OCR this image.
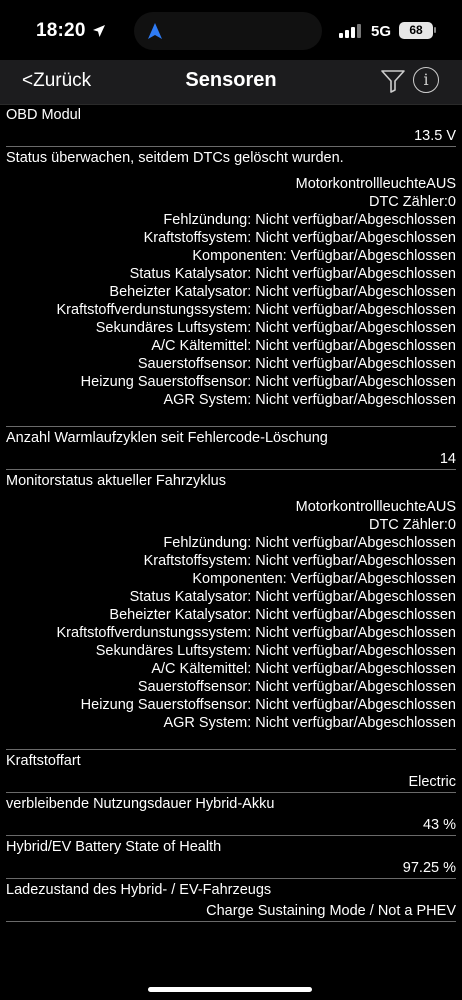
18:20	5G	68
<Zurück	Sensoren	i
OBD Modul
13.5 V
Status überwachen, seitdem DTCs gelöscht wurden.
MotorkontrollleuchteAUS
DTC Zähler:0
Fehlzündung: Nicht verfügbar/Abgeschlossen
Kraftstoffsystem: Nicht verfügbar/Abgeschlossen
Komponenten: Verfügbar/Abgeschlossen
Status Katalysator: Nicht verfügbar/Abgeschlossen
Beheizter Katalysator: Nicht verfügbar/Abgeschlossen
Kraftstoffverdunstungssystem: Nicht verfügbar/Abgeschlossen
Sekundäres Luftsystem: Nicht verfügbar/Abgeschlossen
A/C Kältemittel: Nicht verfügbar/Abgeschlossen
Sauerstoffsensor: Nicht verfügbar/Abgeschlossen
Heizung Sauerstoffsensor: Nicht verfügbar/Abgeschlossen
AGR System: Nicht verfügbar/Abgeschlossen
Anzahl Warmlaufzyklen seit Fehlercode-Löschung
14
Monitorstatus aktueller Fahrzyklus
MotorkontrollleuchteAUS
DTC Zähler:0
Fehlzündung: Nicht verfügbar/Abgeschlossen
Kraftstoffsystem: Nicht verfügbar/Abgeschlossen
Komponenten: Verfügbar/Abgeschlossen
Status Katalysator: Nicht verfügbar/Abgeschlossen
Beheizter Katalysator: Nicht verfügbar/Abgeschlossen
Kraftstoffverdunstungssystem: Nicht verfügbar/Abgeschlossen
Sekundäres Luftsystem: Nicht verfügbar/Abgeschlossen
A/C Kältemittel: Nicht verfügbar/Abgeschlossen
Sauerstoffsensor: Nicht verfügbar/Abgeschlossen
Heizung Sauerstoffsensor: Nicht verfügbar/Abgeschlossen
AGR System: Nicht verfügbar/Abgeschlossen
Kraftstoffart
Electric
verbleibende Nutzungsdauer Hybrid-Akku
43 %
Hybrid/EV Battery State of Health
97.25 %
Ladezustand des Hybrid- / EV-Fahrzeugs
Charge Sustaining Mode / Not a PHEV
